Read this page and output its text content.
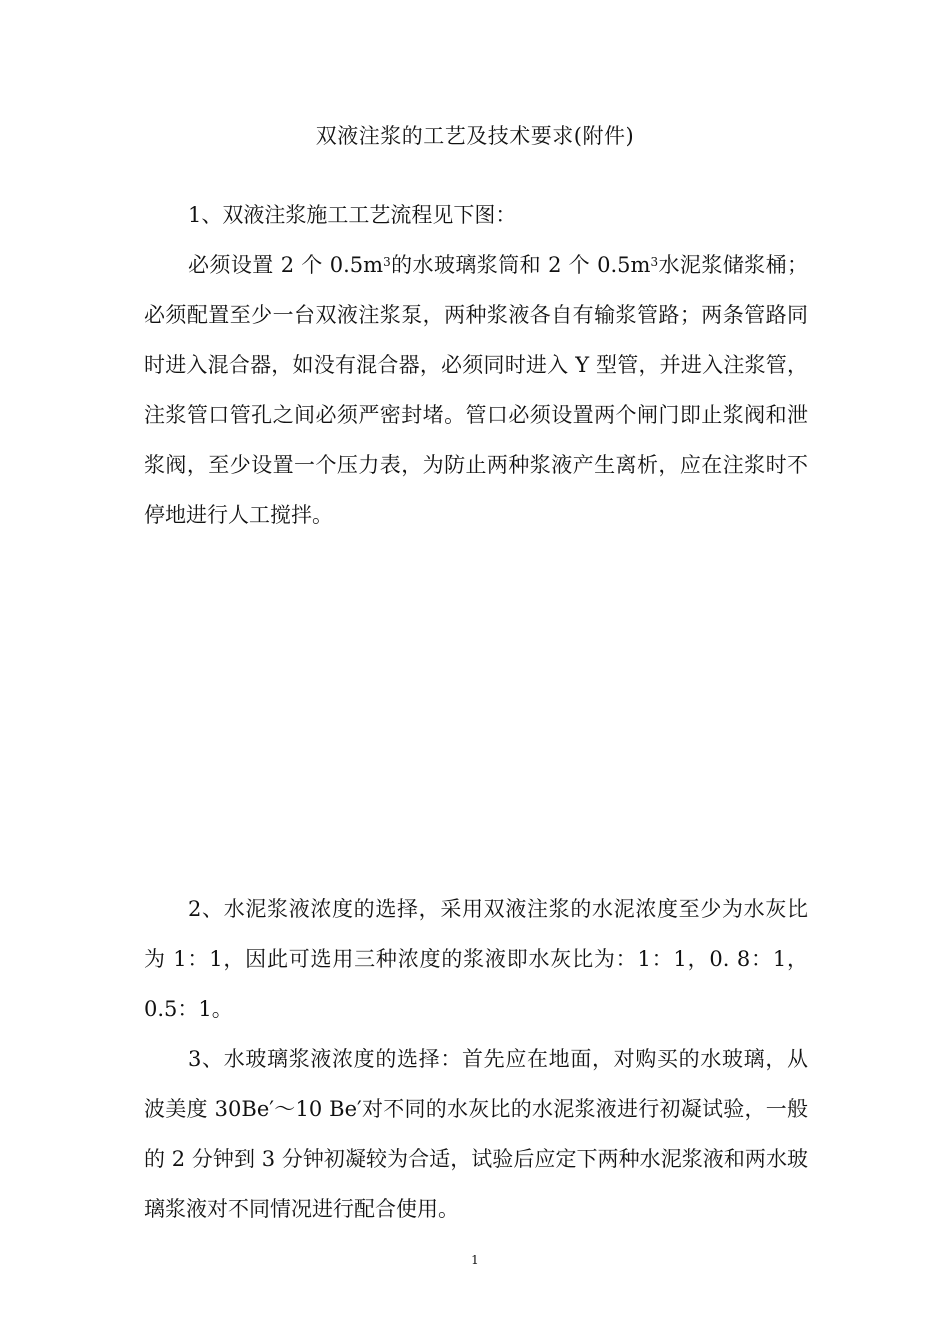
双液注浆的工艺及技术要求(附件)

1、双液注浆施工工艺流程见下图：

必须设置 2 个 $0.5m^3$的水玻璃浆筒和 2 个 $0.5m^3$水泥浆储浆桶；必须配置至少一台双液注浆泵，两种浆液各自有输浆管路；两条管路同时进入混合器，如没有混合器，必须同时进入 Y 型管，并进入注浆管，注浆管口管孔之间必须严密封堵。管口必须设置两个闸门即止浆阀和泄浆阀，至少设置一个压力表，为防止两种浆液产生离析，应在注浆时不停地进行人工搅拌。

2、水泥浆液浓度的选择，采用双液注浆的水泥浓度至少为水灰比为 1：1，因此可选用三种浓度的浆液即水灰比为：1：1，0. 8：1，0.5：1。

3、水玻璃浆液浓度的选择：首先应在地面，对购买的水玻璃，从波美度 30Be′～10 Be′对不同的水灰比的水泥浆液进行初凝试验，一般的 2 分钟到 3 分钟初凝较为合适，试验后应定下两种水泥浆液和两水玻璃浆液对不同情况进行配合使用。

1
